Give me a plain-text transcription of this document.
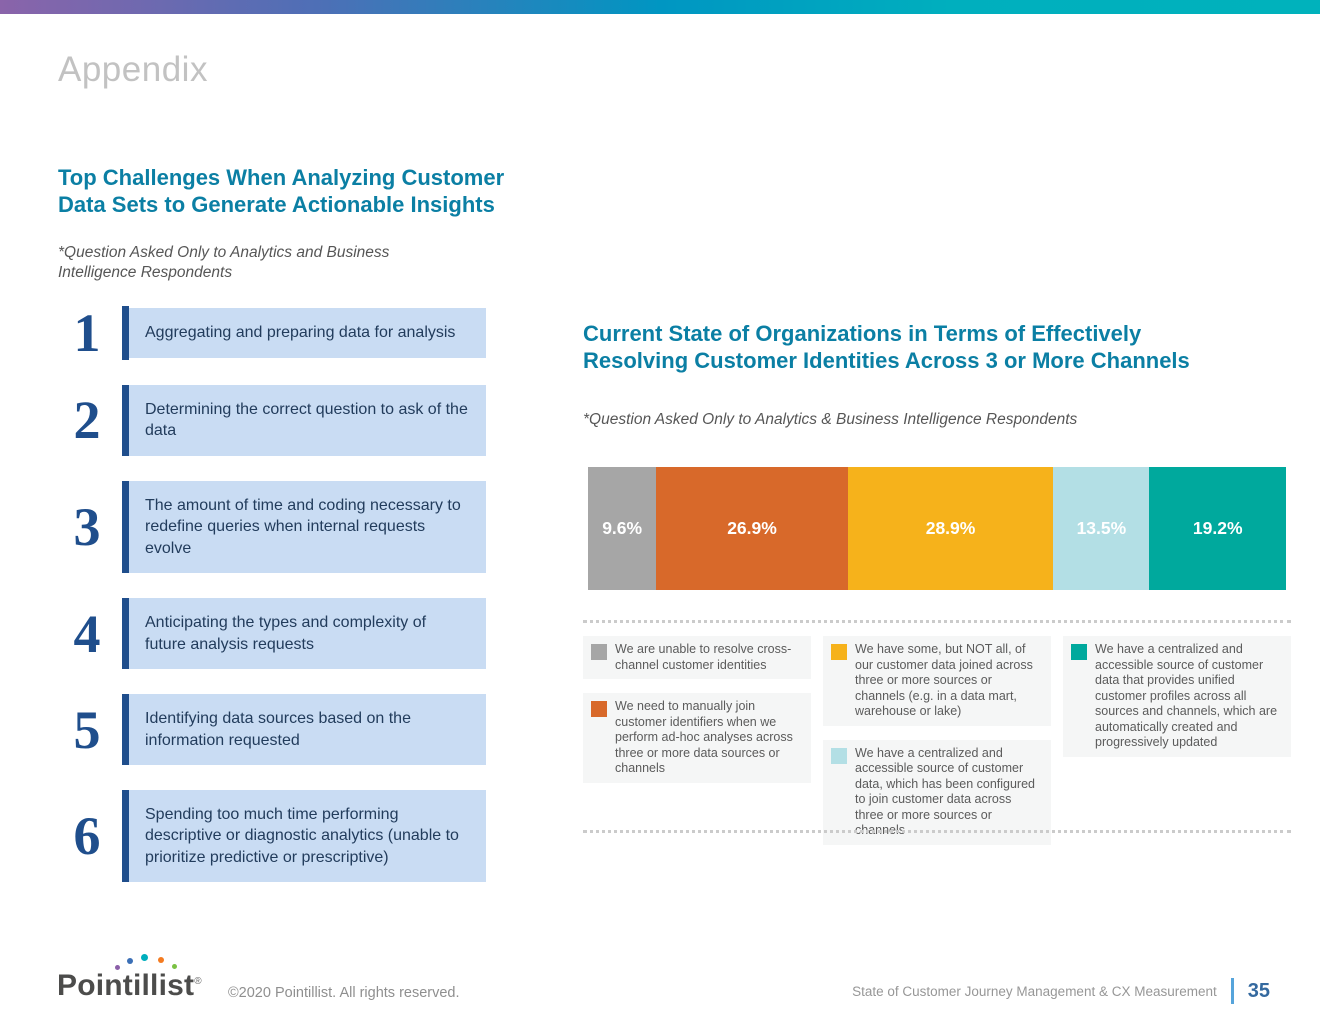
Appendix
Top Challenges When Analyzing Customer Data Sets to Generate Actionable Insights

*Question Asked Only to Analytics and Business Intelligence Respondents

1	Aggregating and preparing data for analysis
2	Determining the correct question to ask of the data
3	The amount of time and coding necessary to redefine queries when internal requests evolve
4	Anticipating the types and complexity of future analysis requests
5	Identifying data sources based on the information requested
6	Spending too much time performing descriptive or diagnostic analytics (unable to prioritize predictive or prescriptive)
Current State of Organizations in Terms of Effectively Resolving Customer Identities Across 3 or More Channels

*Question Asked Only to Analytics & Business Intelligence Respondents

9.6%	26.9%	28.9%	13.5%	19.2%
We are unable to resolve cross-channel customer identities
We need to manually join customer identifiers when we perform ad-hoc analyses across three or more data sources or channels
We have some, but NOT all, of our customer data joined across three or more sources or channels (e.g. in a data mart, warehouse or lake)
We have a centralized and accessible source of customer data, which has been configured to join customer data across three or more sources or channels
We have a centralized and accessible source of customer data that provides unified customer profiles across all sources and channels, which are automatically created and progressively updated
Pointillist®
©2020 Pointillist. All rights reserved.	State of Customer Journey Management & CX Measurement 35
